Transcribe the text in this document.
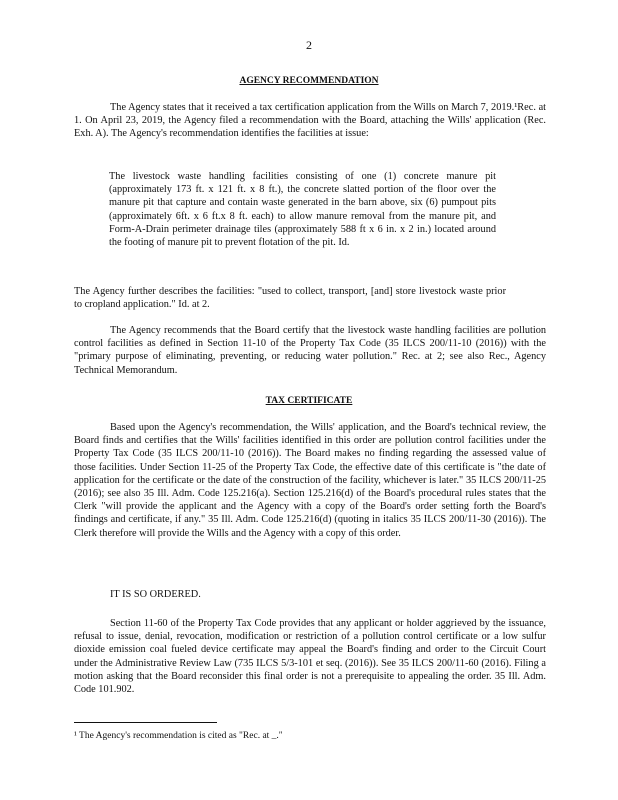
2
AGENCY RECOMMENDATION
The Agency states that it received a tax certification application from the Wills on March 7, 2019.¹Rec. at 1. On April 23, 2019, the Agency filed a recommendation with the Board, attaching the Wills' application (Rec. Exh. A). The Agency's recommendation identifies the facilities at issue:
The livestock waste handling facilities consisting of one (1) concrete manure pit (approximately 173 ft. x 121 ft. x 8 ft.), the concrete slatted portion of the floor over the manure pit that capture and contain waste generated in the barn above, six (6) pumpout pits (approximately 6ft. x 6 ft.x 8 ft. each) to allow manure removal from the manure pit, and Form-A-Drain perimeter drainage tiles (approximately 588 ft x 6 in. x 2 in.) located around the footing of manure pit to prevent flotation of the pit. Id.
The Agency further describes the facilities: "used to collect, transport, [and] store livestock waste prior to cropland application." Id. at 2.
The Agency recommends that the Board certify that the livestock waste handling facilities are pollution control facilities as defined in Section 11-10 of the Property Tax Code (35 ILCS 200/11-10 (2016)) with the "primary purpose of eliminating, preventing, or reducing water pollution." Rec. at 2; see also Rec., Agency Technical Memorandum.
TAX CERTIFICATE
Based upon the Agency's recommendation, the Wills' application, and the Board's technical review, the Board finds and certifies that the Wills' facilities identified in this order are pollution control facilities under the Property Tax Code (35 ILCS 200/11-10 (2016)). The Board makes no finding regarding the assessed value of those facilities. Under Section 11-25 of the Property Tax Code, the effective date of this certificate is "the date of application for the certificate or the date of the construction of the facility, whichever is later." 35 ILCS 200/11-25 (2016); see also 35 Ill. Adm. Code 125.216(a). Section 125.216(d) of the Board's procedural rules states that the Clerk "will provide the applicant and the Agency with a copy of the Board's order setting forth the Board's findings and certificate, if any." 35 Ill. Adm. Code 125.216(d) (quoting in italics 35 ILCS 200/11-30 (2016)). The Clerk therefore will provide the Wills and the Agency with a copy of this order.
IT IS SO ORDERED.
Section 11-60 of the Property Tax Code provides that any applicant or holder aggrieved by the issuance, refusal to issue, denial, revocation, modification or restriction of a pollution control certificate or a low sulfur dioxide emission coal fueled device certificate may appeal the Board's finding and order to the Circuit Court under the Administrative Review Law (735 ILCS 5/3-101 et seq. (2016)). See 35 ILCS 200/11-60 (2016). Filing a motion asking that the Board reconsider this final order is not a prerequisite to appealing the order. 35 Ill. Adm. Code 101.902.
¹ The Agency's recommendation is cited as "Rec. at _."
